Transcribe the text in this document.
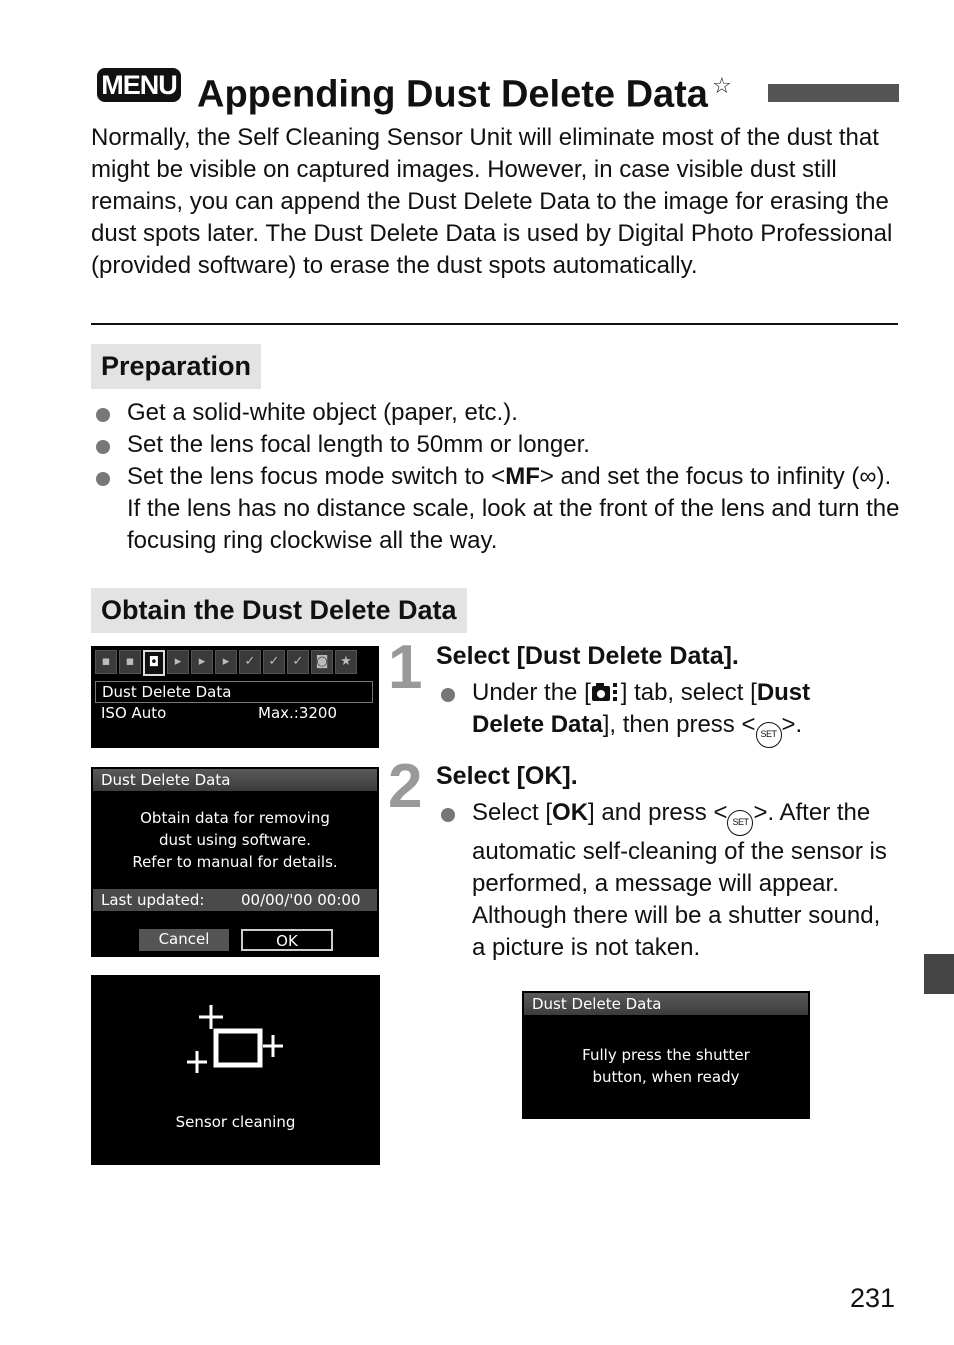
MENU Appending Dust Delete Data ☆
Normally, the Self Cleaning Sensor Unit will eliminate most of the dust that might be visible on captured images. However, in case visible dust still remains, you can append the Dust Delete Data to the image for erasing the dust spots later. The Dust Delete Data is used by Digital Photo Professional (provided software) to erase the dust spots automatically.
Preparation
Get a solid-white object (paper, etc.).
Set the lens focal length to 50mm or longer.
Set the lens focus mode switch to <MF> and set the focus to infinity (∞). If the lens has no distance scale, look at the front of the lens and turn the focusing ring clockwise all the way.
Obtain the Dust Delete Data
▪	▪	◘	▸	▸	▸	✓	✓	✓ ◙ ★
Dust Delete Data
ISO Auto	Max.:3200
Dust Delete Data
Obtain data for removing
dust using software.
Refer to manual for details.
Last updated: 00/00/'00 00:00
Cancel	OK
Sensor cleaning
Dust Delete Data
Fully press the shutter
button, when ready
1 Select [Dust Delete Data].
Under the [ ] tab, select [Dust Delete Data], then press < SET >.
2 Select [OK].
Select [OK] and press < SET >. After the automatic self-cleaning of the sensor is performed, a message will appear. Although there will be a shutter sound, a picture is not taken.
231
